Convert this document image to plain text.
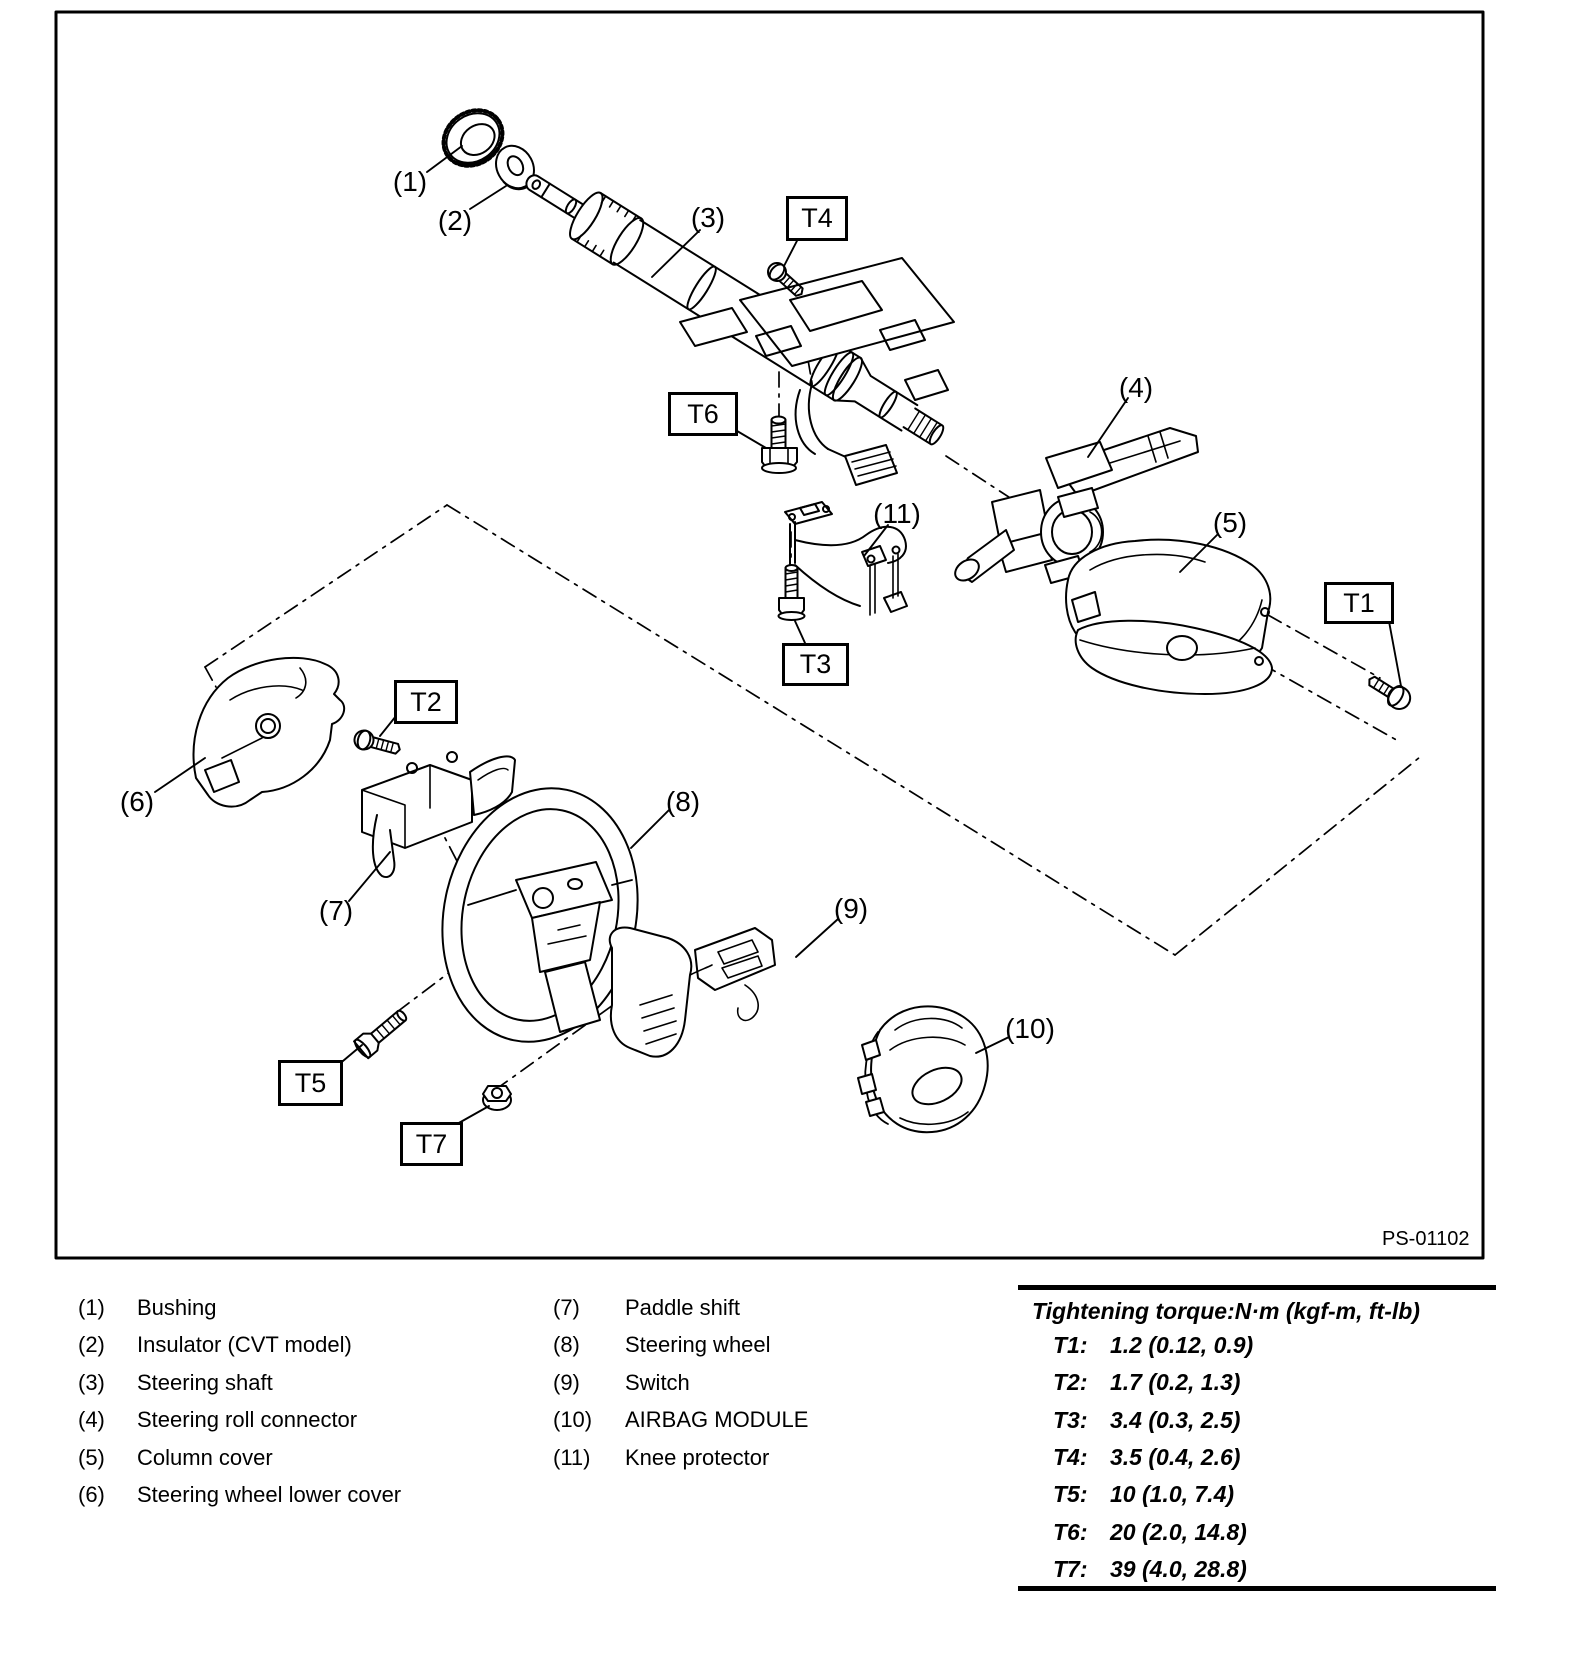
(1)
(2)	(3)
(4)
(5)
(6)
(7)
(8)
(9)
(10)
(11)
T1
T2
T3
T4
T5
T6
T7
PS-01102
(1) Bushing
(2) Insulator (CVT model)
(3) Steering shaft
(4) Steering roll connector
(5) Column cover
(6) Steering wheel lower cover
(7) Paddle shift
(8) Steering wheel
(9) Switch
(10) AIRBAG MODULE
(11) Knee protector
Tightening torque:N·m (kgf-m, ft-lb)
T1: 1.2 (0.12, 0.9)
T2: 1.7 (0.2, 1.3)
T3: 3.4 (0.3, 2.5)
T4: 3.5 (0.4, 2.6)
T5: 10 (1.0, 7.4)
T6: 20 (2.0, 14.8)
T7: 39 (4.0, 28.8)
